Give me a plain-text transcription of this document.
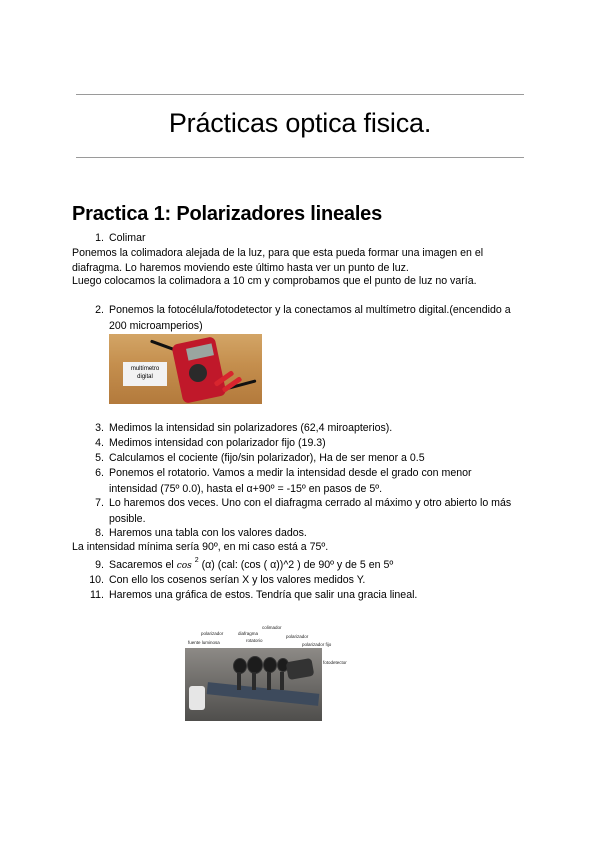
Prácticas optica fisica.
Practica 1: Polarizadores lineales
1. Colimar
Ponemos la colimadora alejada de la luz, para que esta pueda formar una imagen en el
diafragma. Lo haremos moviendo este último hasta ver un punto de luz.
Luego colocamos la colimadora a 10 cm y comprobamos que el punto de luz no varía.
2. Ponemos la fotocélula/fotodetector y la conectamos al multímetro digital.(encendido a 200 microamperios)
multímetro digital
3. Medimos la intensidad sin polarizadores (62,4 miroapterios).
4. Medimos intensidad con polarizador fijo (19.3)
5. Calculamos el cociente (fijo/sin polarizador), Ha de ser menor a 0.5
6. Ponemos el rotatorio. Vamos a medir la intensidad desde el grado con menor intensidad (75º 0.0), hasta el α+90º = -15º en pasos de 5º.
7. Lo haremos dos veces. Uno con el diafragma cerrado al máximo y otro abierto lo más posible.
8. Haremos una tabla con los valores dados.
La intensidad mínima sería 90º, en mi caso está a 75º.
9. Sacaremos el cos $^2$ (α) (cal: (cos ( α))^2 ) de 90º y de 5 en 5º
10. Con ello los cosenos serían X y los valores medidos Y.
11. Haremos una gráfica de estos. Tendría que salir una gracia lineal.
fuente luminosa
polarizador	diafragma
colimador
polarizador
fotodetector
rotatorio
polarizador fijo
